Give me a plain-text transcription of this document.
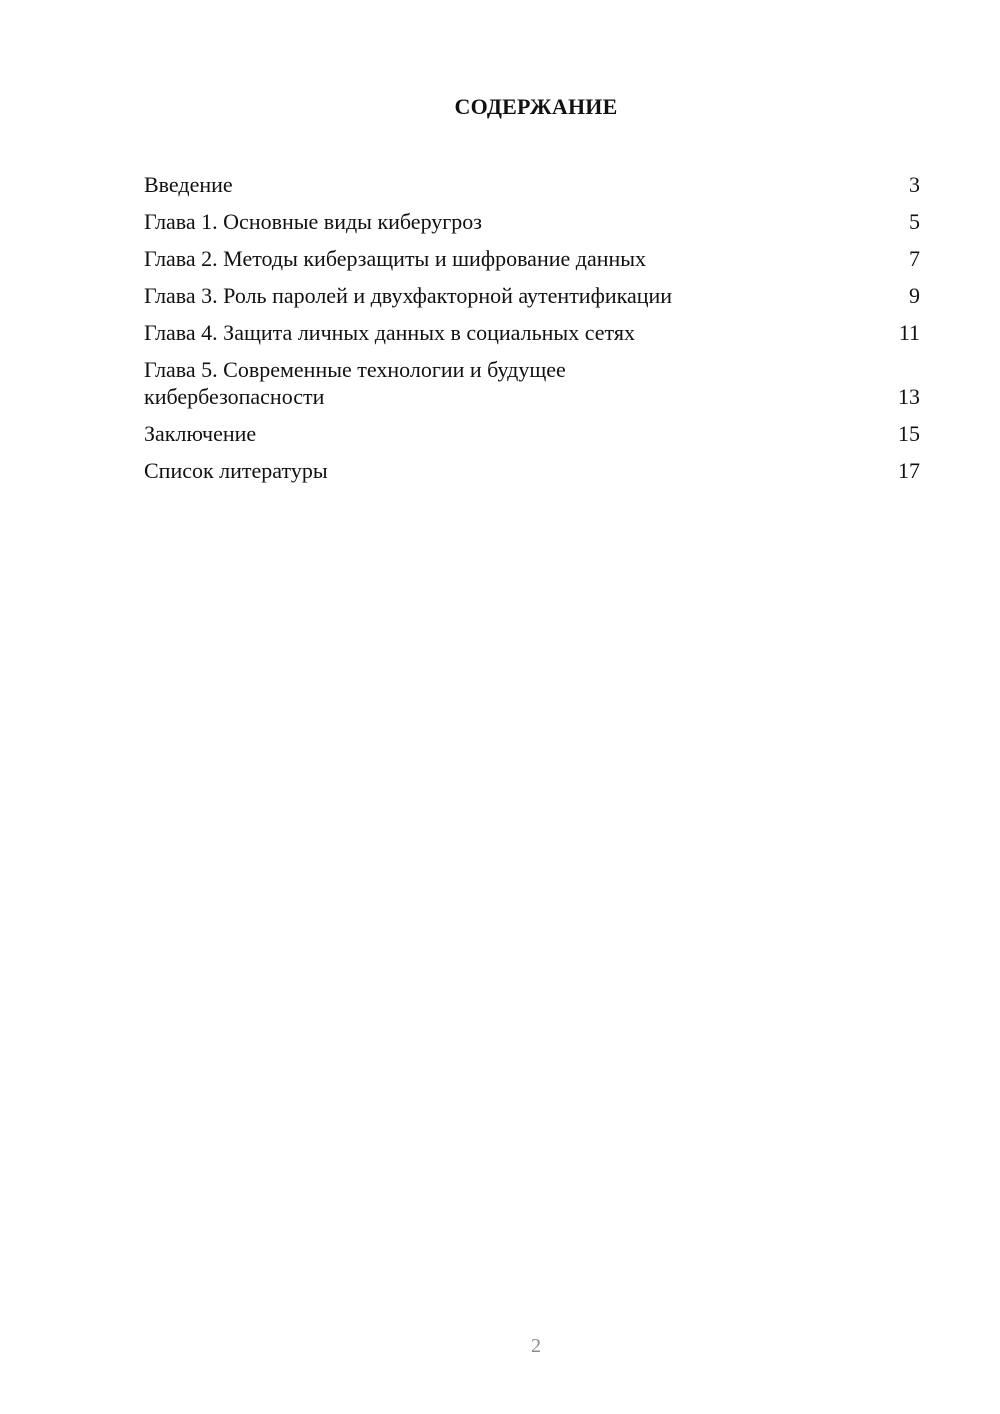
СОДЕРЖАНИЕ
Введение	3
Глава 1. Основные виды киберугроз	5
Глава 2. Методы киберзащиты и шифрование данных	7
Глава 3. Роль паролей и двухфакторной аутентификации	9
Глава 4. Защита личных данных в социальных сетях	11
Глава 5. Современные технологии и будущее
кибербезопасности	13
Заключение	15
Список литературы	17
2
